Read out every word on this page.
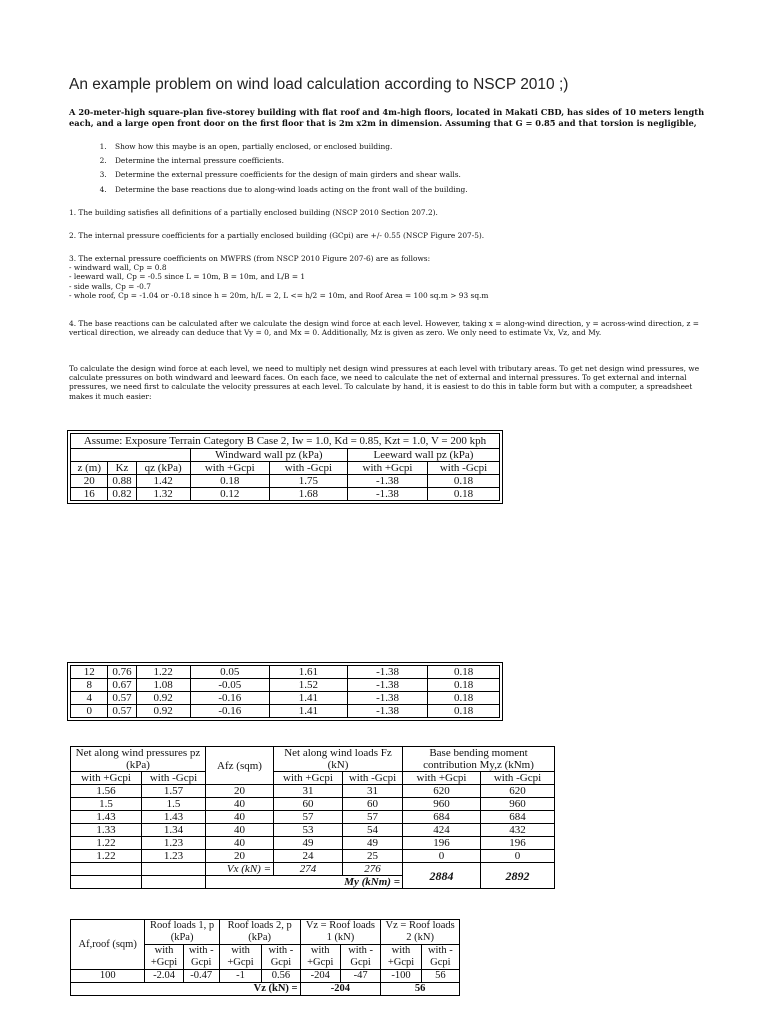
An example problem on wind load calculation according to NSCP 2010 ;)

A 20-meter-high square-plan five-storey building with flat roof and 4m-high floors, located in Makati CBD, has sides of 10 meters length each, and a large open front door on the first floor that is 2m x2m in dimension. Assuming that G = 0.85 and that torsion is negligible,

1. Show how this maybe is an open, partially enclosed, or enclosed building.
2. Determine the internal pressure coefficients.
3. Determine the external pressure coefficients for the design of main girders and shear walls.
4. Determine the base reactions due to along-wind loads acting on the front wall of the building.

1. The building satisfies all definitions of a partially enclosed building (NSCP 2010 Section 207.2).

2. The internal pressure coefficients for a partially enclosed building (GCpi) are +/- 0.55 (NSCP Figure 207-5).

3. The external pressure coefficients on MWFRS (from NSCP 2010 Figure 207-6) are as follows:
- windward wall, Cp = 0.8
- leeward wall, Cp = -0.5 since L = 10m, B = 10m, and L/B = 1
- side walls, Cp = -0.7
- whole roof, Cp = -1.04 or -0.18 since h = 20m, h/L = 2, L <= h/2 = 10m, and Roof Area = 100 sq.m > 93 sq.m

4. The base reactions can be calculated after we calculate the design wind force at each level. However, taking x = along-wind direction, y = across-wind direction, z = vertical direction, we already can deduce that Vy = 0, and Mx = 0. Additionally, Mz is given as zero. We only need to estimate Vx, Vz, and My.

To calculate the design wind force at each level, we need to multiply net design wind pressures at each level with tributary areas. To get net design wind pressures, we calculate pressures on both windward and leeward faces. On each face, we need to calculate the net of external and internal pressures. To get external and internal pressures, we need first to calculate the velocity pressures at each level. To calculate by hand, it is easiest to do this in table form but with a computer, a spreadsheet makes it much easier:

Assume: Exposure Terrain Category B Case 2, Iw = 1.0, Kd = 0.85, Kzt = 1.0, V = 200 kph						
			Windward wall pz (kPa)		Leeward wall pz (kPa)	
z (m)	Kz	qz (kPa)	with +Gcpi	with -Gcpi	with +Gcpi	with -Gcpi
20	0.88	1.42	0.18	1.75	-1.38	0.18
16	0.82	1.32	0.12	1.68	-1.38	0.18
12	0.76	1.22	0.05	1.61	-1.38	0.18
8	0.67	1.08	-0.05	1.52	-1.38	0.18
4	0.57	0.92	-0.16	1.41	-1.38	0.18
0	0.57	0.92	-0.16	1.41	-1.38	0.18
Net along wind pressures pz (kPa)		Afz (sqm)	Net along wind loads Fz (kN)		Base bending moment contribution My,z (kNm)	
with +Gcpi	with -Gcpi		with +Gcpi	with -Gcpi	with +Gcpi	with -Gcpi
1.56	1.57	20	31	31	620	620
1.5	1.5	40	60	60	960	960
1.43	1.43	40	57	57	684	684
1.33	1.34	40	53	54	424	432
1.22	1.23	40	49	49	196	196
1.22	1.23	20	24	25	0	0
		Vx (kN) =	274	276	2884	2892
		My (kNm) =				
Af,roof (sqm)	Roof loads 1, p (kPa)		Roof loads 2, p (kPa)		Vz = Roof loads 1 (kN)		Vz = Roof loads 2 (kN)	
	with +Gcpi	with -Gcpi	with +Gcpi	with -Gcpi	with +Gcpi	with -Gcpi	with +Gcpi	with -Gcpi

100	-2.04	-0.47	-1	0.56	-204	-47	-100	56
Vz (kN) =					-204		56	
